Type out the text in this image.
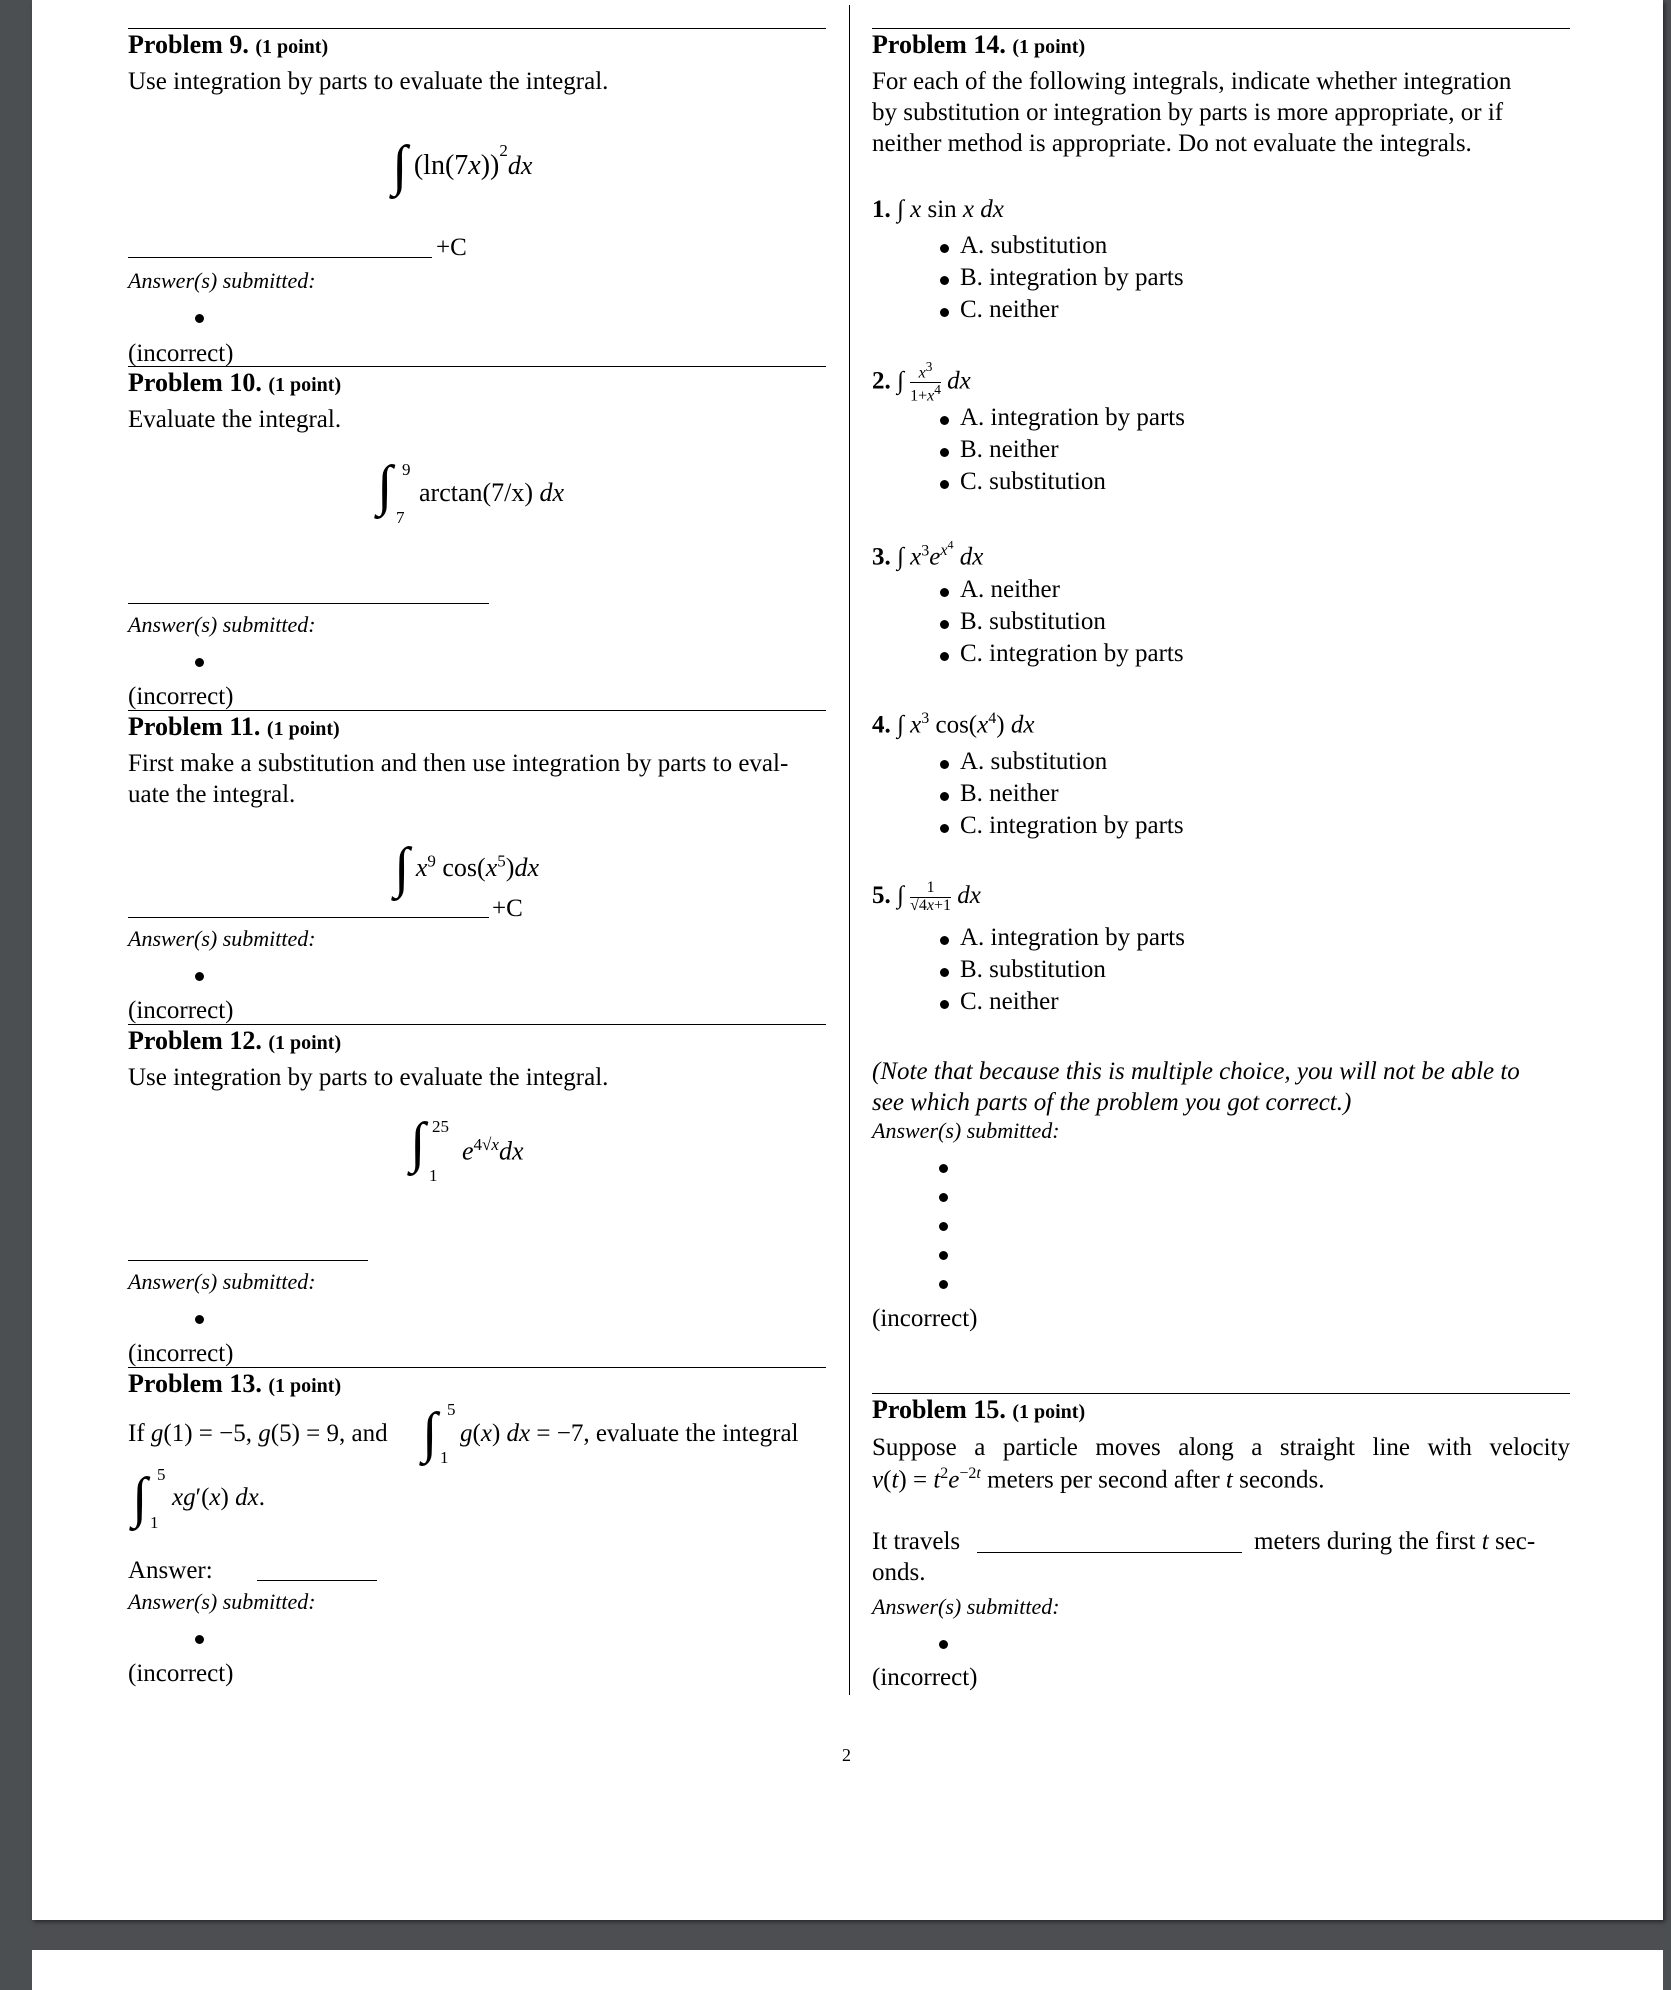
Problem 9. (1 point)
Use integration by parts to evaluate the integral.
∫ $(\ln(7x))^2dx$
+C
Answer(s) submitted:
(incorrect)
Problem 10. (1 point)
Evaluate the integral.
∫ 9
7
arctan(7/x) dx
Answer(s) submitted:
(incorrect)
Problem 11. (1 point)
First make a substitution and then use integration by parts to eval-
uate the integral.
∫ $x^9$ $\cos(x^5)dx$
+C
Answer(s) submitted:
(incorrect)
Problem 12. (1 point)
Use integration by parts to evaluate the integral.
∫ 25
1
$e^{4√x}dx$
Answer(s) submitted:
(incorrect)
Problem 13. (1 point)
If g(1) = −5, g(5) = 9, and ∫ 5
1
g(x) dx = −7, evaluate the integral
∫ 5
1
xg′(x) dx.
Answer:
Answer(s) submitted:
(incorrect)
Problem 14. (1 point)
For each of the following integrals, indicate whether integration
by substitution or integration by parts is more appropriate, or if
neither method is appropriate. Do not evaluate the integrals.
1. ∫ x sin x dx
A. substitution
B. integration by parts
C. neither
2. ∫ $\frac{x^3}{1+x^4}$ dx
A. integration by parts
B. neither
C. substitution
3. ∫ $x^3e^{x^4}$ dx
A. neither
B. substitution
C. integration by parts
4. ∫ $x^3$ $\cos(x^4)$ dx
A. substitution
B. neither
C. integration by parts
5. ∫ $\frac{1}{√4x+1}$ dx
A. integration by parts
B. substitution
C. neither
(Note that because this is multiple choice, you will not be able to
see which parts of the problem you got correct.)
Answer(s) submitted:
(incorrect)
Problem 15. (1 point)
Suppose a particle moves along a straight line with velocity
$v(t) = t^2e^{-2t}$ meters per second after t seconds.
It travels	meters during the first t sec-
onds.
Answer(s) submitted:
(incorrect)
2
